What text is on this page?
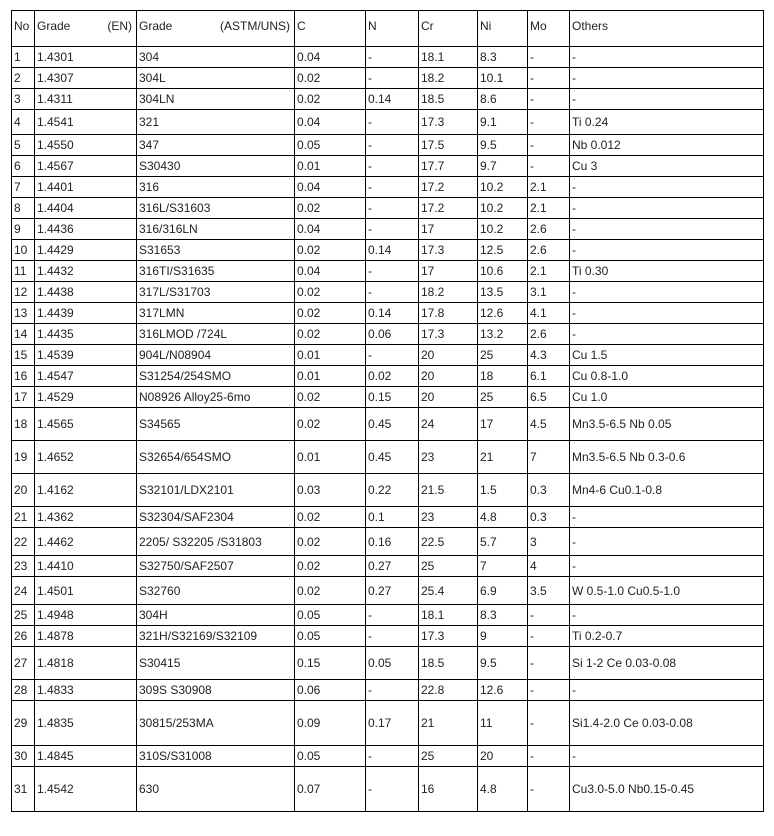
No	Grade (EN)	Grade (ASTM/UNS)	C	N	Cr	Ni	Mo	Others
1	1.4301	304	0.04	-	18.1	8.3	-	-
2	1.4307	304L	0.02	-	18.2	10.1	-	-
3	1.4311	304LN	0.02	0.14	18.5	8.6	-	-
4	1.4541	321	0.04	-	17.3	9.1	-	Ti 0.24
5	1.4550	347	0.05	-	17.5	9.5	-	Nb 0.012
6	1.4567	S30430	0.01	-	17.7	9.7	-	Cu 3
7	1.4401	316	0.04	-	17.2	10.2	2.1	-
8	1.4404	316L/S31603	0.02	-	17.2	10.2	2.1	-
9	1.4436	316/316LN	0.04	-	17	10.2	2.6	-
10	1.4429	S31653	0.02	0.14	17.3	12.5	2.6	-
11	1.4432	316TI/S31635	0.04	-	17	10.6	2.1	Ti 0.30
12	1.4438	317L/S31703	0.02	-	18.2	13.5	3.1	-
13	1.4439	317LMN	0.02	0.14	17.8	12.6	4.1	-
14	1.4435	316LMOD /724L	0.02	0.06	17.3	13.2	2.6	-
15	1.4539	904L/N08904	0.01	-	20	25	4.3	Cu 1.5
16	1.4547	S31254/254SMO	0.01	0.02	20	18	6.1	Cu 0.8-1.0
17	1.4529	N08926 Alloy25-6mo	0.02	0.15	20	25	6.5	Cu 1.0
18	1.4565	S34565	0.02	0.45	24	17	4.5	Mn3.5-6.5 Nb 0.05
19	1.4652	S32654/654SMO	0.01	0.45	23	21	7	Mn3.5-6.5 Nb 0.3-0.6
20	1.4162	S32101/LDX2101	0.03	0.22	21.5	1.5	0.3	Mn4-6 Cu0.1-0.8
21	1.4362	S32304/SAF2304	0.02	0.1	23	4.8	0.3	-
22	1.4462	2205/ S32205 /S31803	0.02	0.16	22.5	5.7	3	-
23	1.4410	S32750/SAF2507	0.02	0.27	25	7	4	-
24	1.4501	S32760	0.02	0.27	25.4	6.9	3.5	W 0.5-1.0 Cu0.5-1.0
25	1.4948	304H	0.05	-	18.1	8.3	-	-
26	1.4878	321H/S32169/S32109	0.05	-	17.3	9	-	Ti 0.2-0.7
27	1.4818	S30415	0.15	0.05	18.5	9.5	-	Si 1-2 Ce 0.03-0.08
28	1.4833	309S S30908	0.06	-	22.8	12.6	-	-
29	1.4835	30815/253MA	0.09	0.17	21	11	-	Si1.4-2.0 Ce 0.03-0.08
30	1.4845	310S/S31008	0.05	-	25	20	-	-
31	1.4542	630	0.07	-	16	4.8	-	Cu3.0-5.0 Nb0.15-0.45
